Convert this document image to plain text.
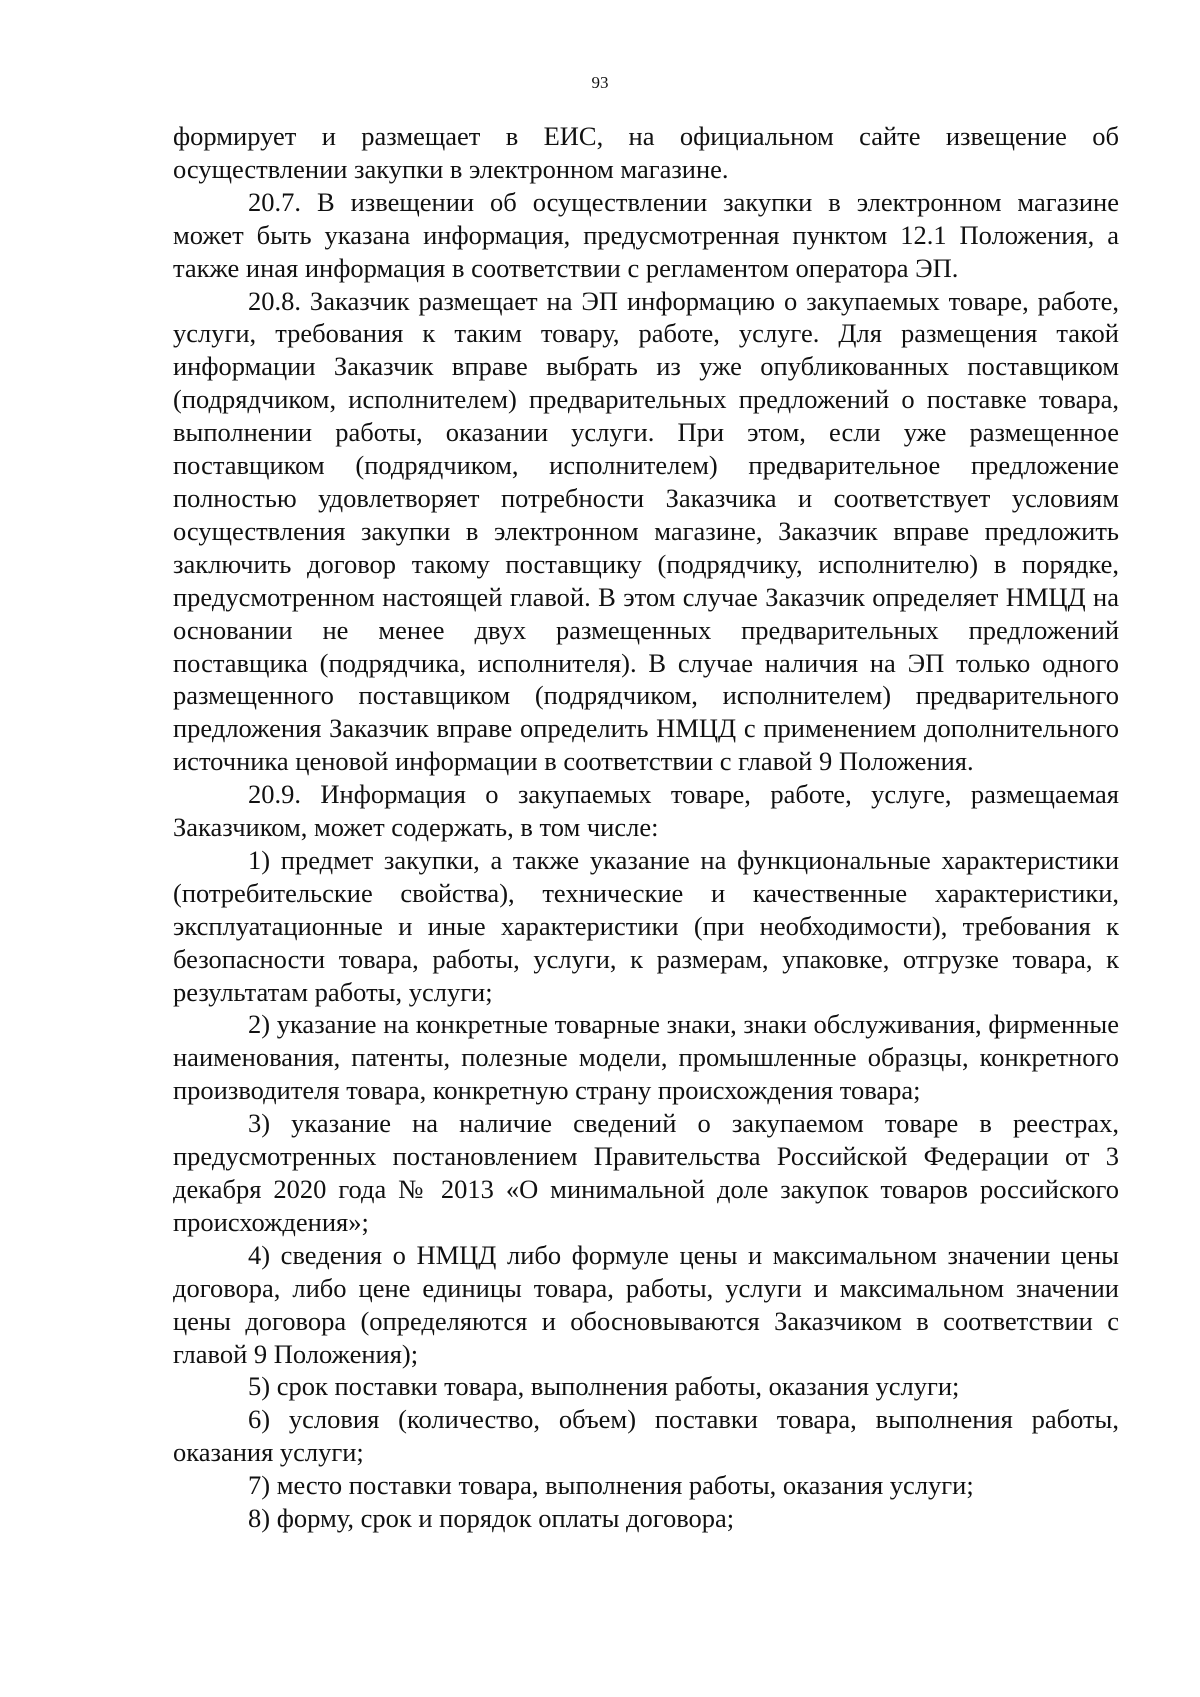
93

формирует и размещает в ЕИС, на официальном сайте извещение об осуществлении закупки в электронном магазине.

20.7. В извещении об осуществлении закупки в электронном магазине может быть указана информация, предусмотренная пунктом 12.1 Положения, а также иная информация в соответствии с регламентом оператора ЭП.

20.8. Заказчик размещает на ЭП информацию о закупаемых товаре, работе, услуги, требования к таким товару, работе, услуге. Для размещения такой информации Заказчик вправе выбрать из уже опубликованных поставщиком (подрядчиком, исполнителем) предварительных предложений о поставке товара, выполнении работы, оказании услуги. При этом, если уже размещенное поставщиком (подрядчиком, исполнителем) предварительное предложение полностью удовлетворяет потребности Заказчика и соответствует условиям осуществления закупки в электронном магазине, Заказчик вправе предложить заключить договор такому поставщику (подрядчику, исполнителю) в порядке, предусмотренном настоящей главой. В этом случае Заказчик определяет НМЦД на основании не менее двух размещенных предварительных предложений поставщика (подрядчика, исполнителя). В случае наличия на ЭП только одного размещенного поставщиком (подрядчиком, исполнителем) предварительного предложения Заказчик вправе определить НМЦД с применением дополнительного источника ценовой информации в соответствии с главой 9 Положения.

20.9. Информация о закупаемых товаре, работе, услуге, размещаемая Заказчиком, может содержать, в том числе:

1) предмет закупки, а также указание на функциональные характеристики (потребительские свойства), технические и качественные характеристики, эксплуатационные и иные характеристики (при необходимости), требования к безопасности товара, работы, услуги, к размерам, упаковке, отгрузке товара, к результатам работы, услуги;

2) указание на конкретные товарные знаки, знаки обслуживания, фирменные наименования, патенты, полезные модели, промышленные образцы, конкретного производителя товара, конкретную страну происхождения товара;

3) указание на наличие сведений о закупаемом товаре в реестрах, предусмотренных постановлением Правительства Российской Федерации от 3 декабря 2020 года № 2013 «О минимальной доле закупок товаров российского происхождения»;

4) сведения о НМЦД либо формуле цены и максимальном значении цены договора, либо цене единицы товара, работы, услуги и максимальном значении цены договора (определяются и обосновываются Заказчиком в соответствии с главой 9 Положения);

5) срок поставки товара, выполнения работы, оказания услуги;

6) условия (количество, объем) поставки товара, выполнения работы, оказания услуги;

7) место поставки товара, выполнения работы, оказания услуги;

8) форму, срок и порядок оплаты договора;
